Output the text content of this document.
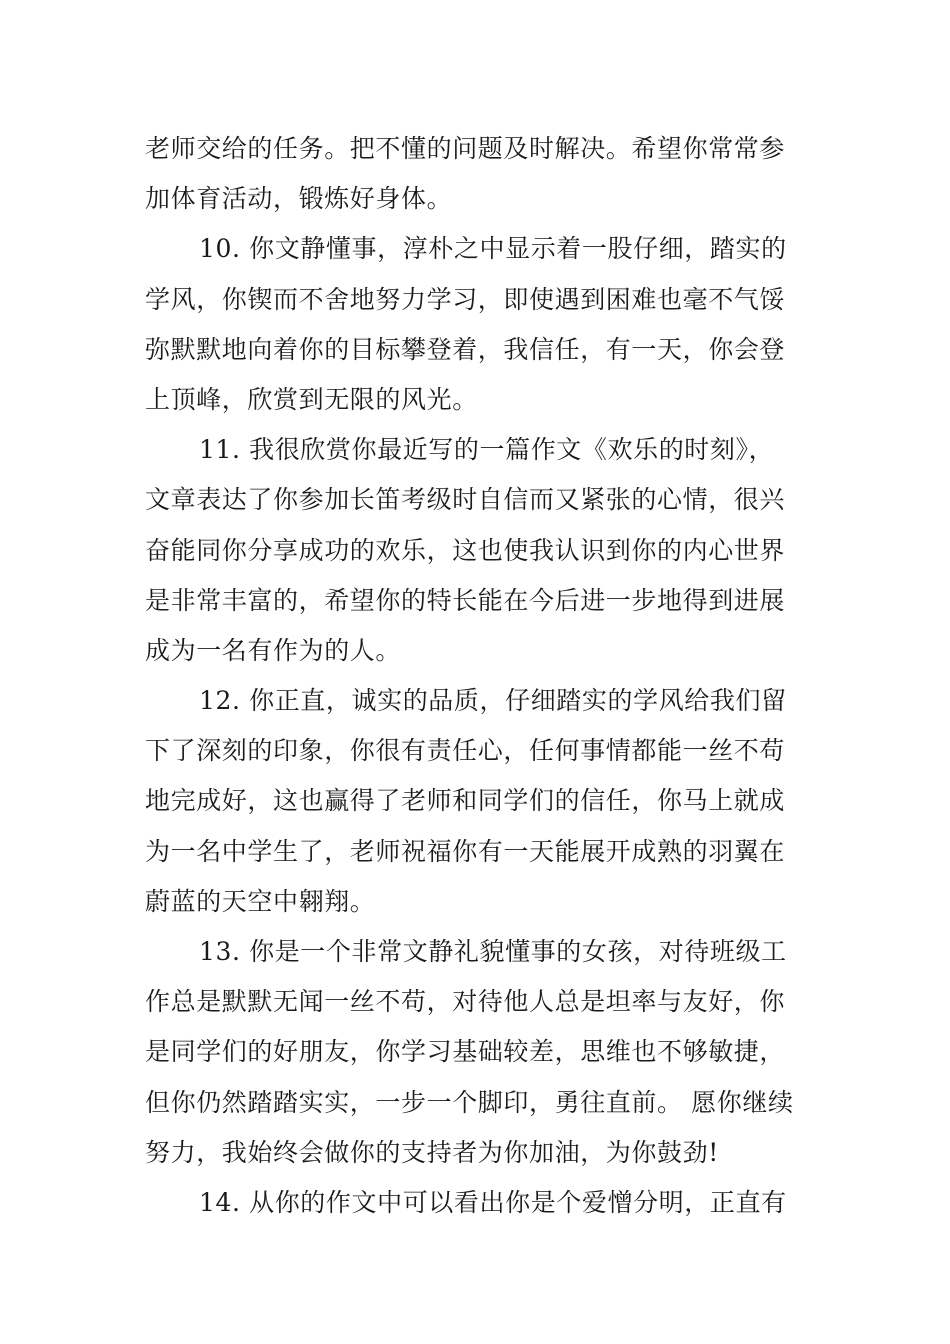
老师交给的任务。把不懂的问题及时解决。希望你常常参
加体育活动，锻炼好身体。
10. 你文静懂事，淳朴之中显示着一股仔细，踏实的
学风，你锲而不舍地努力学习，即使遇到困难也毫不气馁
弥默默地向着你的目标攀登着，我信任，有一天，你会登
上顶峰，欣赏到无限的风光。
11. 我很欣赏你最近写的一篇作文《欢乐的时刻》，
文章表达了你参加长笛考级时自信而又紧张的心情，很兴
奋能同你分享成功的欢乐，这也使我认识到你的内心世界
是非常丰富的，希望你的特长能在今后进一步地得到进展
成为一名有作为的人。
12. 你正直，诚实的品质，仔细踏实的学风给我们留
下了深刻的印象，你很有责任心，任何事情都能一丝不苟
地完成好，这也赢得了老师和同学们的信任，你马上就成
为一名中学生了，老师祝福你有一天能展开成熟的羽翼在
蔚蓝的天空中翱翔。
13. 你是一个非常文静礼貌懂事的女孩，对待班级工
作总是默默无闻一丝不苟，对待他人总是坦率与友好，你
是同学们的好朋友，你学习基础较差，思维也不够敏捷，
但你仍然踏踏实实，一步一个脚印，勇往直前。 愿你继续
努力，我始终会做你的支持者为你加油，为你鼓劲!
14. 从你的作文中可以看出你是个爱憎分明，正直有
